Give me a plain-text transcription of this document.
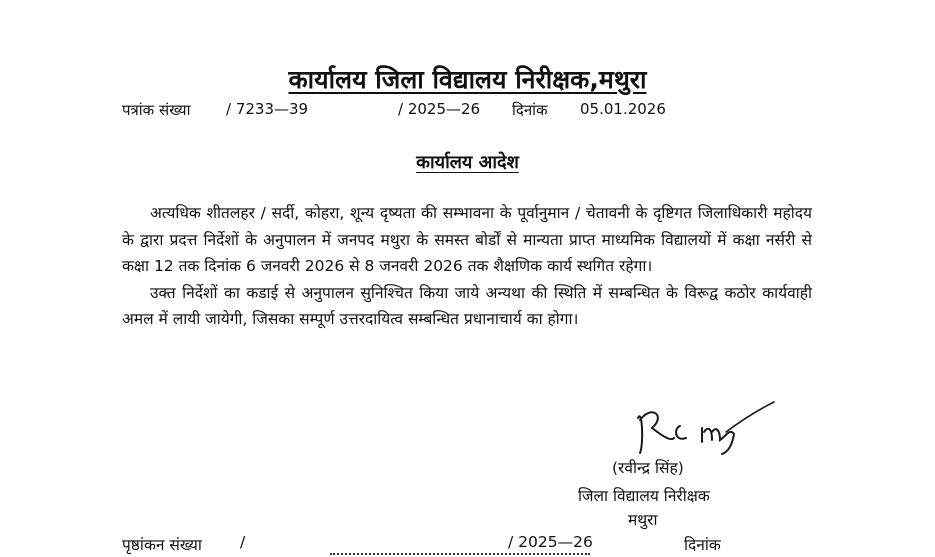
कार्यालय जिला विद्यालय निरीक्षक,मथुरा
पत्रांक संख्या / 7233—39	/ 2025—26 दिनांक 05.01.2026
कार्यालय आदेश

अत्यधिक शीतलहर / सर्दी, कोहरा, शून्य दृष्यता की सम्भावना के पूर्वानुमान / चेतावनी के दृष्टिगत जिलाधिकारी महोदय के द्वारा प्रदत्त निर्देशों के अनुपालन में जनपद मथुरा के समस्त बोर्डों से मान्यता प्राप्त माध्यमिक विद्यालयों में कक्षा नर्सरी से कक्षा 12 तक दिनांक 6 जनवरी 2026 से 8 जनवरी 2026 तक शैक्षणिक कार्य स्थगित रहेगा।

उक्त निर्देशों का कडाई से अनुपालन सुनिश्चित किया जाये अन्यथा की स्थिति में सम्बन्धित के विरूद्व कठोर कार्यवाही अमल में लायी जायेगी, जिसका सम्पूर्ण उत्तरदायित्व सम्बन्धित प्रधानाचार्य का होगा।

(रवीन्द्र सिंह)
जिला विद्यालय निरीक्षक
मथुरा
पृष्ठांकन संख्या /	/ 2025—26	दिनांक
